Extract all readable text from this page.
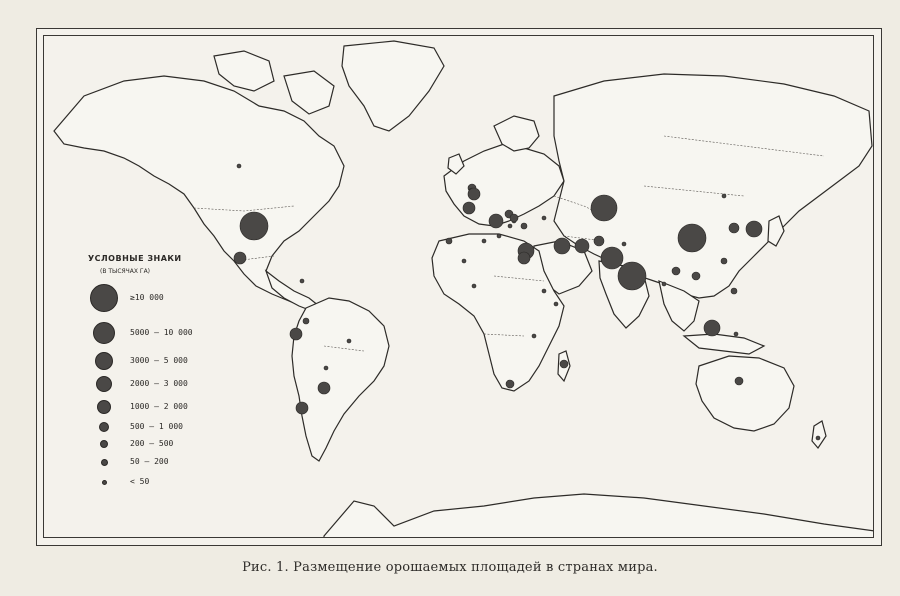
УСЛОВНЫЕ ЗНАКИ
(В ТЫСЯЧАХ ГА)
≥10 000
5000 — 10 000
3000 — 5 000
2000 — 3 000
1000 — 2 000
500 — 1 000
200 — 500
50 — 200
< 50
Рис. 1. Размещение орошаемых площадей в странах мира.
